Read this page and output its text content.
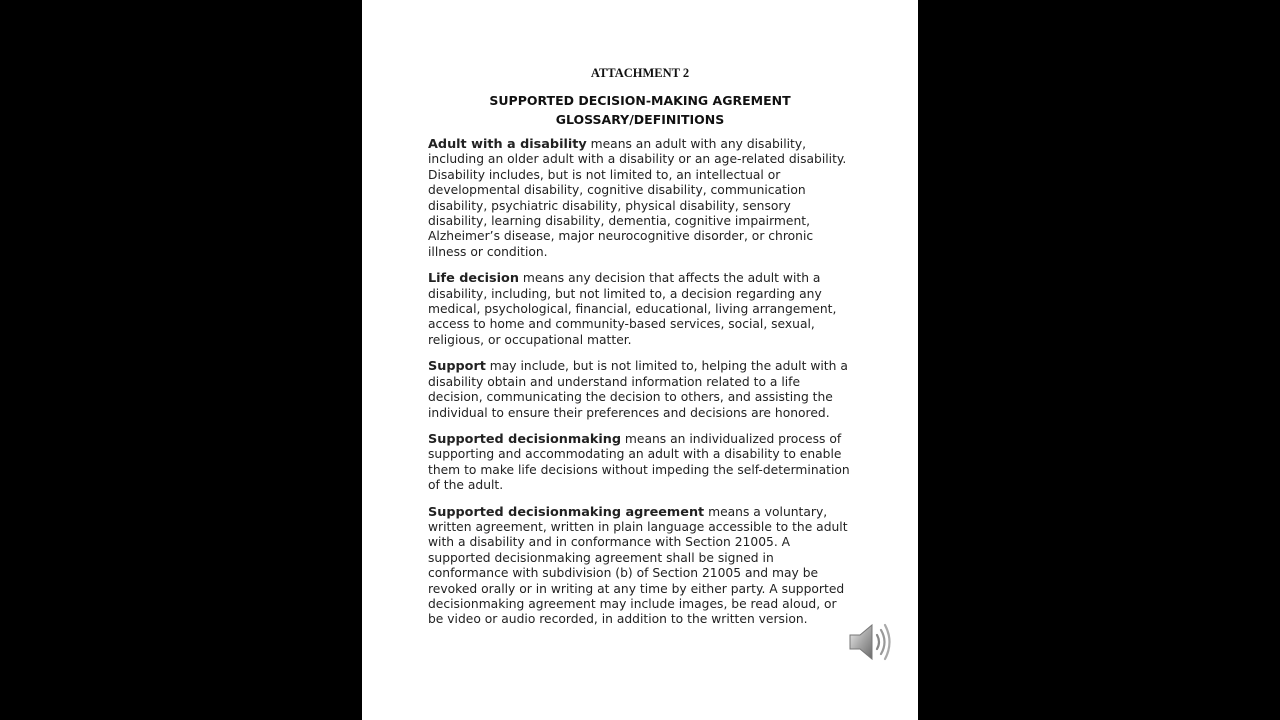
ATTACHMENT 2
SUPPORTED DECISION-MAKING AGREMENT
GLOSSARY/DEFINITIONS

Adult with a disability means an adult with any disability, including an older adult with a disability or an age-related disability. Disability includes, but is not limited to, an intellectual or developmental disability, cognitive disability, communication disability, psychiatric disability, physical disability, sensory disability, learning disability, dementia, cognitive impairment, Alzheimer’s disease, major neurocognitive disorder, or chronic illness or condition.

Life decision means any decision that affects the adult with a disability, including, but not limited to, a decision regarding any medical, psychological, financial, educational, living arrangement, access to home and community-based services, social, sexual, religious, or occupational matter.

Support may include, but is not limited to, helping the adult with a disability obtain and understand information related to a life decision, communicating the decision to others, and assisting the individual to ensure their preferences and decisions are honored.

Supported decisionmaking means an individualized process of supporting and accommodating an adult with a disability to enable them to make life decisions without impeding the self-determination of the adult.

Supported decisionmaking agreement means a voluntary, written agreement, written in plain language accessible to the adult with a disability and in conformance with Section 21005. A supported decisionmaking agreement shall be signed in conformance with subdivision (b) of Section 21005 and may be revoked orally or in writing at any time by either party. A supported decisionmaking agreement may include images, be read aloud, or be video or audio recorded, in addition to the written version.
